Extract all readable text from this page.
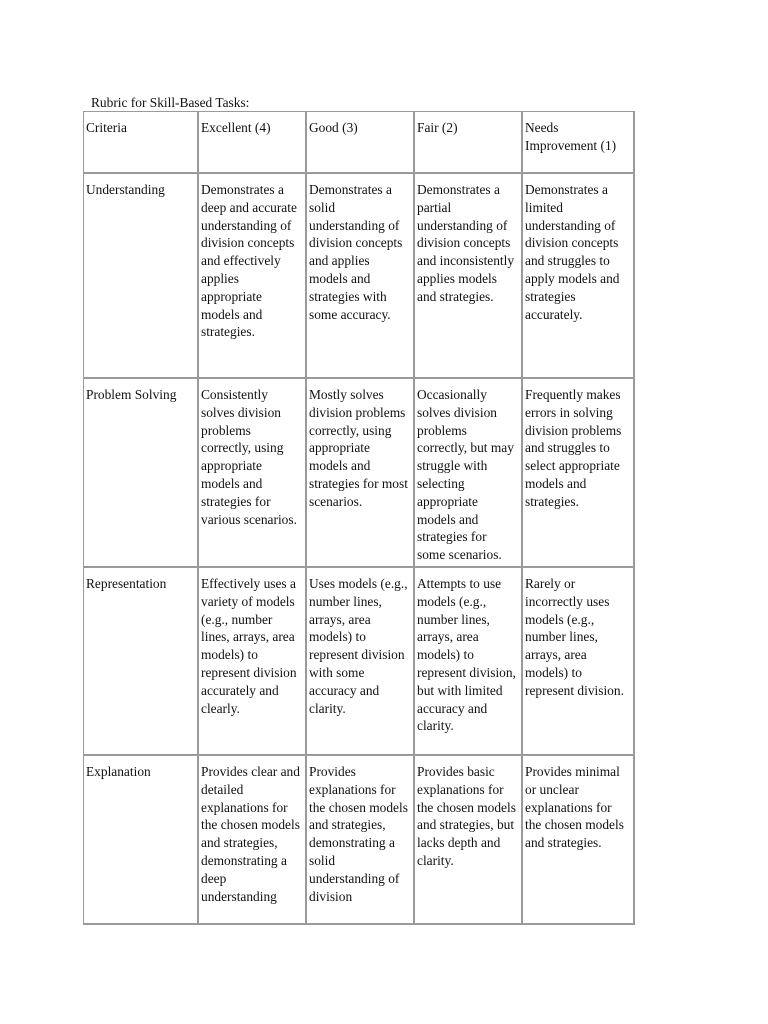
Rubric for Skill-Based Tasks:
Criteria	Excellent (4)	Good (3)	Fair (2)	Needs Improvement (1)
Understanding	Demonstrates a deep and accurate understanding of division concepts and effectively applies appropriate models and strategies.	Demonstrates a solid understanding of division concepts and applies models and strategies with some accuracy.	Demonstrates a partial understanding of division concepts and inconsistently applies models and strategies.	Demonstrates a limited understanding of division concepts and struggles to apply models and strategies accurately.
Problem Solving	Consistently solves division problems correctly, using appropriate models and strategies for various scenarios.	Mostly solves division problems correctly, using appropriate models and strategies for most scenarios.	Occasionally solves division problems correctly, but may struggle with selecting appropriate models and strategies for some scenarios.	Frequently makes errors in solving division problems and struggles to select appropriate models and strategies.
Representation	Effectively uses a variety of models (e.g., number lines, arrays, area models) to represent division accurately and clearly.	Uses models (e.g., number lines, arrays, area models) to represent division with some accuracy and clarity.	Attempts to use models (e.g., number lines, arrays, area models) to represent division, but with limited accuracy and clarity.	Rarely or incorrectly uses models (e.g., number lines, arrays, area models) to represent division.
Explanation	Provides clear and detailed explanations for the chosen models and strategies, demonstrating a deep understanding	Provides explanations for the chosen models and strategies, demonstrating a solid understanding of division	Provides basic explanations for the chosen models and strategies, but lacks depth and clarity.	Provides minimal or unclear explanations for the chosen models and strategies.
